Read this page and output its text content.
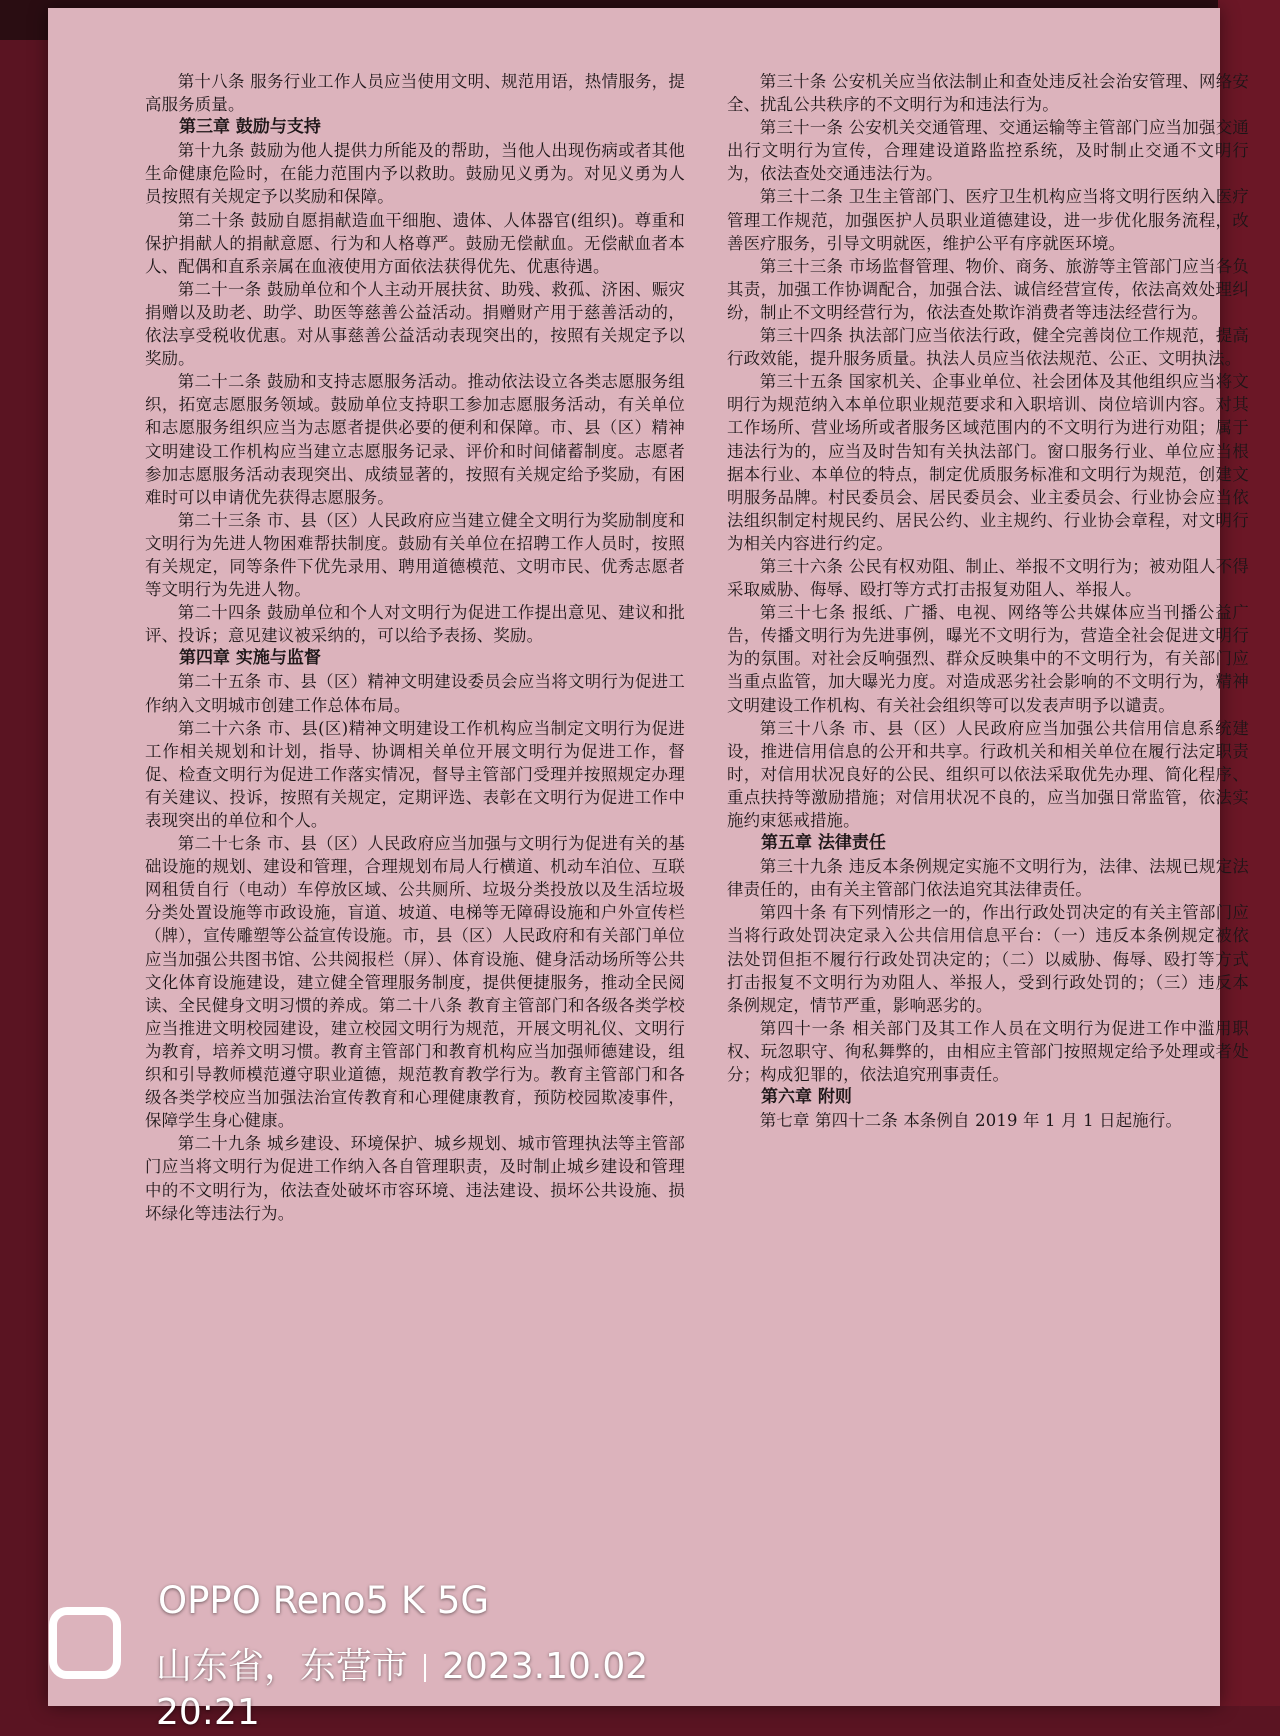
第十八条 服务行业工作人员应当使用文明、规范用语，热情服务，提高服务质量。

第三章 鼓励与支持

第十九条 鼓励为他人提供力所能及的帮助，当他人出现伤病或者其他生命健康危险时，在能力范围内予以救助。鼓励见义勇为。对见义勇为人员按照有关规定予以奖励和保障。

第二十条 鼓励自愿捐献造血干细胞、遗体、人体器官(组织)。尊重和保护捐献人的捐献意愿、行为和人格尊严。鼓励无偿献血。无偿献血者本人、配偶和直系亲属在血液使用方面依法获得优先、优惠待遇。

第二十一条 鼓励单位和个人主动开展扶贫、助残、救孤、济困、赈灾捐赠以及助老、助学、助医等慈善公益活动。捐赠财产用于慈善活动的，依法享受税收优惠。对从事慈善公益活动表现突出的，按照有关规定予以奖励。

第二十二条 鼓励和支持志愿服务活动。推动依法设立各类志愿服务组织，拓宽志愿服务领域。鼓励单位支持职工参加志愿服务活动，有关单位和志愿服务组织应当为志愿者提供必要的便利和保障。市、县（区）精神文明建设工作机构应当建立志愿服务记录、评价和时间储蓄制度。志愿者参加志愿服务活动表现突出、成绩显著的，按照有关规定给予奖励，有困难时可以申请优先获得志愿服务。

第二十三条 市、县（区）人民政府应当建立健全文明行为奖励制度和文明行为先进人物困难帮扶制度。鼓励有关单位在招聘工作人员时，按照有关规定，同等条件下优先录用、聘用道德模范、文明市民、优秀志愿者等文明行为先进人物。

第二十四条 鼓励单位和个人对文明行为促进工作提出意见、建议和批评、投诉；意见建议被采纳的，可以给予表扬、奖励。

第四章 实施与监督

第二十五条 市、县（区）精神文明建设委员会应当将文明行为促进工作纳入文明城市创建工作总体布局。

第二十六条 市、县(区)精神文明建设工作机构应当制定文明行为促进工作相关规划和计划，指导、协调相关单位开展文明行为促进工作，督促、检查文明行为促进工作落实情况，督导主管部门受理并按照规定办理有关建议、投诉，按照有关规定，定期评选、表彰在文明行为促进工作中表现突出的单位和个人。

第二十七条 市、县（区）人民政府应当加强与文明行为促进有关的基础设施的规划、建设和管理，合理规划布局人行横道、机动车泊位、互联网租赁自行（电动）车停放区域、公共厕所、垃圾分类投放以及生活垃圾分类处置设施等市政设施，盲道、坡道、电梯等无障碍设施和户外宣传栏（牌），宣传雕塑等公益宣传设施。市，县（区）人民政府和有关部门单位应当加强公共图书馆、公共阅报栏（屏）、体育设施、健身活动场所等公共文化体育设施建设，建立健全管理服务制度，提供便捷服务，推动全民阅读、全民健身文明习惯的养成。第二十八条 教育主管部门和各级各类学校应当推进文明校园建设，建立校园文明行为规范，开展文明礼仪、文明行为教育，培养文明习惯。教育主管部门和教育机构应当加强师德建设，组织和引导教师模范遵守职业道德，规范教育教学行为。教育主管部门和各级各类学校应当加强法治宣传教育和心理健康教育，预防校园欺凌事件，保障学生身心健康。

第二十九条 城乡建设、环境保护、城乡规划、城市管理执法等主管部门应当将文明行为促进工作纳入各自管理职责，及时制止城乡建设和管理中的不文明行为，依法查处破坏市容环境、违法建设、损坏公共设施、损坏绿化等违法行为。

第三十条 公安机关应当依法制止和查处违反社会治安管理、网络安全、扰乱公共秩序的不文明行为和违法行为。

第三十一条 公安机关交通管理、交通运输等主管部门应当加强交通出行文明行为宣传，合理建设道路监控系统，及时制止交通不文明行为，依法查处交通违法行为。

第三十二条 卫生主管部门、医疗卫生机构应当将文明行医纳入医疗管理工作规范，加强医护人员职业道德建设，进一步优化服务流程，改善医疗服务，引导文明就医，维护公平有序就医环境。

第三十三条 市场监督管理、物价、商务、旅游等主管部门应当各负其责，加强工作协调配合，加强合法、诚信经营宣传，依法高效处理纠纷，制止不文明经营行为，依法查处欺诈消费者等违法经营行为。

第三十四条 执法部门应当依法行政，健全完善岗位工作规范，提高行政效能，提升服务质量。执法人员应当依法规范、公正、文明执法。

第三十五条 国家机关、企事业单位、社会团体及其他组织应当将文明行为规范纳入本单位职业规范要求和入职培训、岗位培训内容。对其工作场所、营业场所或者服务区域范围内的不文明行为进行劝阻；属于违法行为的，应当及时告知有关执法部门。窗口服务行业、单位应当根据本行业、本单位的特点，制定优质服务标准和文明行为规范，创建文明服务品牌。村民委员会、居民委员会、业主委员会、行业协会应当依法组织制定村规民约、居民公约、业主规约、行业协会章程，对文明行为相关内容进行约定。

第三十六条 公民有权劝阻、制止、举报不文明行为；被劝阻人不得采取威胁、侮辱、殴打等方式打击报复劝阻人、举报人。

第三十七条 报纸、广播、电视、网络等公共媒体应当刊播公益广告，传播文明行为先进事例，曝光不文明行为，营造全社会促进文明行为的氛围。对社会反响强烈、群众反映集中的不文明行为，有关部门应当重点监管，加大曝光力度。对造成恶劣社会影响的不文明行为，精神文明建设工作机构、有关社会组织等可以发表声明予以谴责。

第三十八条 市、县（区）人民政府应当加强公共信用信息系统建设，推进信用信息的公开和共享。行政机关和相关单位在履行法定职责时，对信用状况良好的公民、组织可以依法采取优先办理、简化程序、重点扶持等激励措施；对信用状况不良的，应当加强日常监管，依法实施约束惩戒措施。

第五章 法律责任

第三十九条 违反本条例规定实施不文明行为，法律、法规已规定法律责任的，由有关主管部门依法追究其法律责任。

第四十条 有下列情形之一的，作出行政处罚决定的有关主管部门应当将行政处罚决定录入公共信用信息平台：（一）违反本条例规定被依法处罚但拒不履行行政处罚决定的；（二）以威胁、侮辱、殴打等方式打击报复不文明行为劝阻人、举报人，受到行政处罚的；（三）违反本条例规定，情节严重，影响恶劣的。

第四十一条 相关部门及其工作人员在文明行为促进工作中滥用职权、玩忽职守、徇私舞弊的，由相应主管部门按照规定给予处理或者处分；构成犯罪的，依法追究刑事责任。

第六章 附则

第七章 第四十二条 本条例自 2019 年 1 月 1 日起施行。

OPPO Reno5 K 5G
山东省，东营市 2023.10.02 20:21
